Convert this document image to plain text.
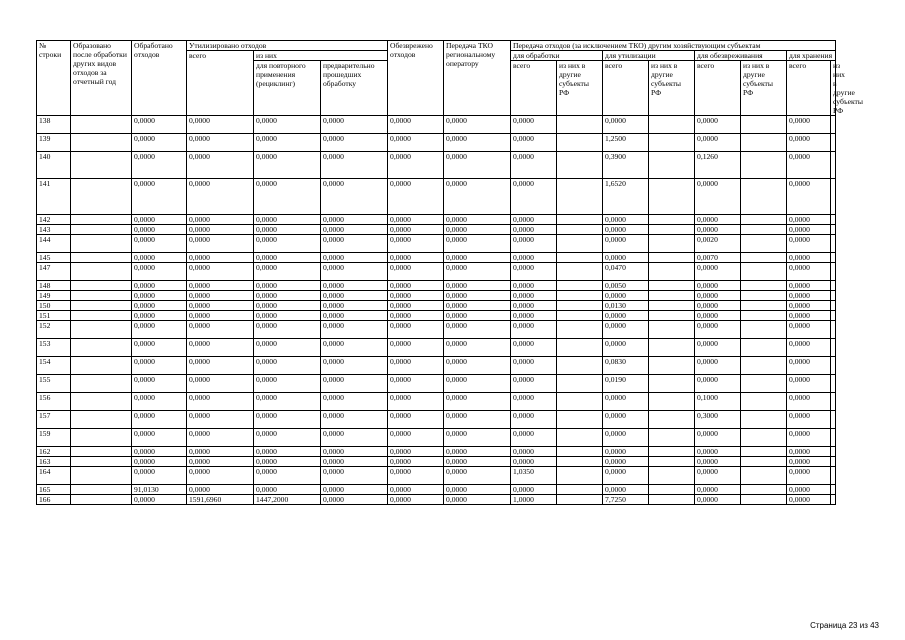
№ строки	Образовано после обработки других видов отходов за отчетный год	Обработано отходов	Утилизировано отходов			Обезврежено отходов	Передача ТКО региональному оператору	Передача отходов (за исключением ТКО) другим хозяйствующим субъектам							
			всего	из них				для обработки		для утилизации		для обезвреживания		для хранения	
				для повторного применения (рециклинг)	предварительно прошедших обработку			всего	из них в другие субъекты РФ	всего	из них в другие субъекты РФ	всего	из них в другие субъекты РФ	всего	из них в другие субъекты РФ

138		0,0000	0,0000	0,0000	0,0000	0,0000	0,0000	0,0000		0,0000		0,0000		0,0000	
139		0,0000	0,0000	0,0000	0,0000	0,0000	0,0000	0,0000		1,2500		0,0000		0,0000	
140		0,0000	0,0000	0,0000	0,0000	0,0000	0,0000	0,0000		0,3900		0,1260		0,0000	
141		0,0000	0,0000	0,0000	0,0000	0,0000	0,0000	0,0000		1,6520		0,0000		0,0000	
142		0,0000	0,0000	0,0000	0,0000	0,0000	0,0000	0,0000		0,0000		0,0000		0,0000	
143		0,0000	0,0000	0,0000	0,0000	0,0000	0,0000	0,0000		0,0000		0,0000		0,0000	
144		0,0000	0,0000	0,0000	0,0000	0,0000	0,0000	0,0000		0,0000		0,0020		0,0000	
145		0,0000	0,0000	0,0000	0,0000	0,0000	0,0000	0,0000		0,0000		0,0070		0,0000	
147		0,0000	0,0000	0,0000	0,0000	0,0000	0,0000	0,0000		0,0470		0,0000		0,0000	
148		0,0000	0,0000	0,0000	0,0000	0,0000	0,0000	0,0000		0,0050		0,0000		0,0000	
149		0,0000	0,0000	0,0000	0,0000	0,0000	0,0000	0,0000		0,0000		0,0000		0,0000	
150		0,0000	0,0000	0,0000	0,0000	0,0000	0,0000	0,0000		0,0130		0,0000		0,0000	
151		0,0000	0,0000	0,0000	0,0000	0,0000	0,0000	0,0000		0,0000		0,0000		0,0000	
152		0,0000	0,0000	0,0000	0,0000	0,0000	0,0000	0,0000		0,0000		0,0000		0,0000	
153		0,0000	0,0000	0,0000	0,0000	0,0000	0,0000	0,0000		0,0000		0,0000		0,0000	
154		0,0000	0,0000	0,0000	0,0000	0,0000	0,0000	0,0000		0,0830		0,0000		0,0000	
155		0,0000	0,0000	0,0000	0,0000	0,0000	0,0000	0,0000		0,0190		0,0000		0,0000	
156		0,0000	0,0000	0,0000	0,0000	0,0000	0,0000	0,0000		0,0000		0,1000		0,0000	
157		0,0000	0,0000	0,0000	0,0000	0,0000	0,0000	0,0000		0,0000		0,3000		0,0000	
159		0,0000	0,0000	0,0000	0,0000	0,0000	0,0000	0,0000		0,0000		0,0000		0,0000	
162		0,0000	0,0000	0,0000	0,0000	0,0000	0,0000	0,0000		0,0000		0,0000		0,0000	
163		0,0000	0,0000	0,0000	0,0000	0,0000	0,0000	0,0000		0,0000		0,0000		0,0000	
164		0,0000	0,0000	0,0000	0,0000	0,0000	0,0000	1,0350		0,0000		0,0000		0,0000	
165		91,0130	0,0000	0,0000	0,0000	0,0000	0,0000	0,0000		0,0000		0,0000		0,0000	
166		0,0000	1591,6960	1447,2000	0,0000	0,0000	0,0000	1,0000		7,7250		0,0000		0,0000	
Страница 23 из 43
